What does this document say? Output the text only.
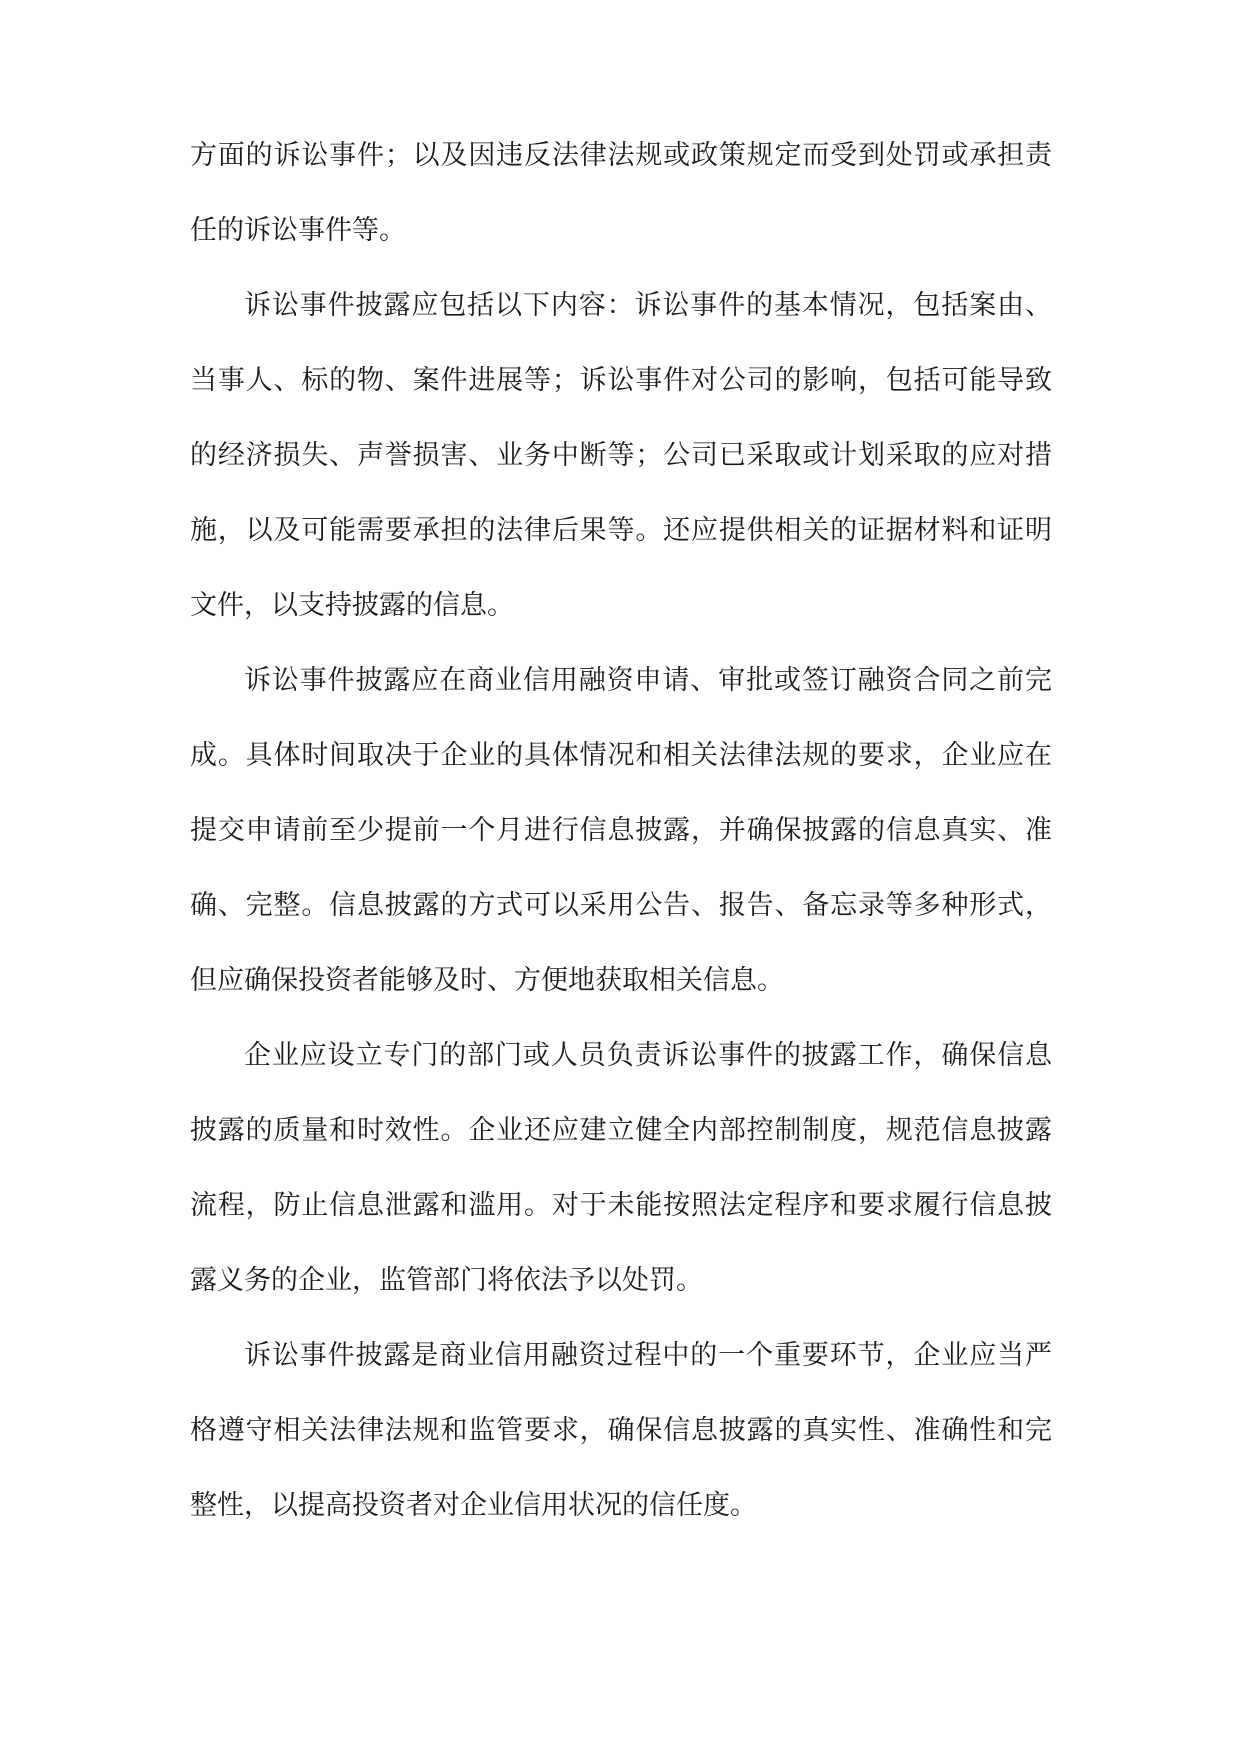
方面的诉讼事件；以及因违反法律法规或政策规定而受到处罚或承担责任的诉讼事件等。

诉讼事件披露应包括以下内容：诉讼事件的基本情况，包括案由、当事人、标的物、案件进展等；诉讼事件对公司的影响，包括可能导致的经济损失、声誉损害、业务中断等；公司已采取或计划采取的应对措施，以及可能需要承担的法律后果等。还应提供相关的证据材料和证明文件，以支持披露的信息。

诉讼事件披露应在商业信用融资申请、审批或签订融资合同之前完成。具体时间取决于企业的具体情况和相关法律法规的要求，企业应在提交申请前至少提前一个月进行信息披露，并确保披露的信息真实、准确、完整。信息披露的方式可以采用公告、报告、备忘录等多种形式，但应确保投资者能够及时、方便地获取相关信息。

企业应设立专门的部门或人员负责诉讼事件的披露工作，确保信息披露的质量和时效性。企业还应建立健全内部控制制度，规范信息披露流程，防止信息泄露和滥用。对于未能按照法定程序和要求履行信息披露义务的企业，监管部门将依法予以处罚。

诉讼事件披露是商业信用融资过程中的一个重要环节，企业应当严格遵守相关法律法规和监管要求，确保信息披露的真实性、准确性和完整性，以提高投资者对企业信用状况的信任度。
